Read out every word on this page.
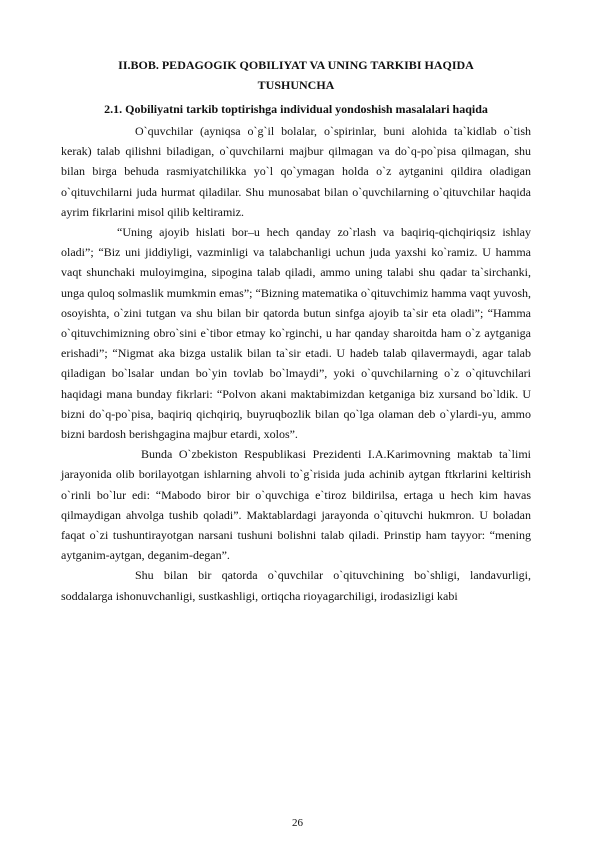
II.BOB. PEDAGOGIK QOBILIYAT VA UNING TARKIBI HAQIDA TUSHUNCHA
2.1. Qobiliyatni tarkib toptirishga individual yondoshish masalalari haqida

O`quvchilar (ayniqsa o`g`il bolalar, o`spirinlar, buni alohida ta`kidlab o`tish kerak) talab qilishni biladigan, o`quvchilarni majbur qilmagan va do`q-po`pisa qilmagan, shu bilan birga behuda rasmiyatchilikka yo`l qo`ymagan holda o`z aytganini qildira oladigan o`qituvchilarni juda hurmat qiladilar. Shu munosabat bilan o`quvchilarning o`qituvchilar haqida ayrim fikrlarini misol qilib keltiramiz.

“Uning ajoyib hislati bor–u hech qanday zo`rlash va baqiriq-qichqiriqsiz ishlay oladi”; “Biz uni jiddiyligi, vazminligi va talabchanligi uchun juda yaxshi ko`ramiz. U hamma vaqt shunchaki muloyimgina, sipogina talab qiladi, ammo uning talabi shu qadar ta`sirchanki, unga quloq solmaslik mumkmin emas”; “Bizning matematika o`qituvchimiz hamma vaqt yuvosh, osoyishta, o`zini tutgan va shu bilan bir qatorda butun sinfga ajoyib ta`sir eta oladi”; “Hamma o`qituvchimizning obro`sini e`tibor etmay ko`rginchi, u har qanday sharoitda ham o`z aytganiga erishadi”; “Nigmat aka bizga ustalik bilan ta`sir etadi. U hadeb talab qilavermaydi, agar talab qiladigan bo`lsalar undan bo`yin tovlab bo`lmaydi”, yoki o`quvchilarning o`z o`qituvchilari haqidagi mana bunday fikrlari: “Polvon akani maktabimizdan ketganiga biz xursand bo`ldik. U bizni do`q-po`pisa, baqiriq qichqiriq, buyruqbozlik bilan qo`lga olaman deb o`ylardi-yu, ammo bizni bardosh berishgagina majbur etardi, xolos”.

Bunda O`zbekiston Respublikasi Prezidenti I.A.Karimovning maktab ta`limi jarayonida olib borilayotgan ishlarning ahvoli to`g`risida juda achinib aytgan ftkrlarini keltirish o`rinli bo`lur edi: “Mabodo biror bir o`quvchiga e`tiroz bildirilsa, ertaga u hech kim havas qilmaydigan ahvolga tushib qoladi”. Maktablardagi jarayonda o`qituvchi hukmron. U boladan faqat o`zi tushuntirayotgan narsani tushuni bolishni talab qiladi. Prinstip ham tayyor: “mening aytganim-aytgan, deganim-degan”.

Shu bilan bir qatorda o`quvchilar o`qituvchining bo`shligi, landavurligi, soddalarga ishonuvchanligi, sustkashligi, ortiqcha rioyagarchiligi, irodasizligi kabi

26
